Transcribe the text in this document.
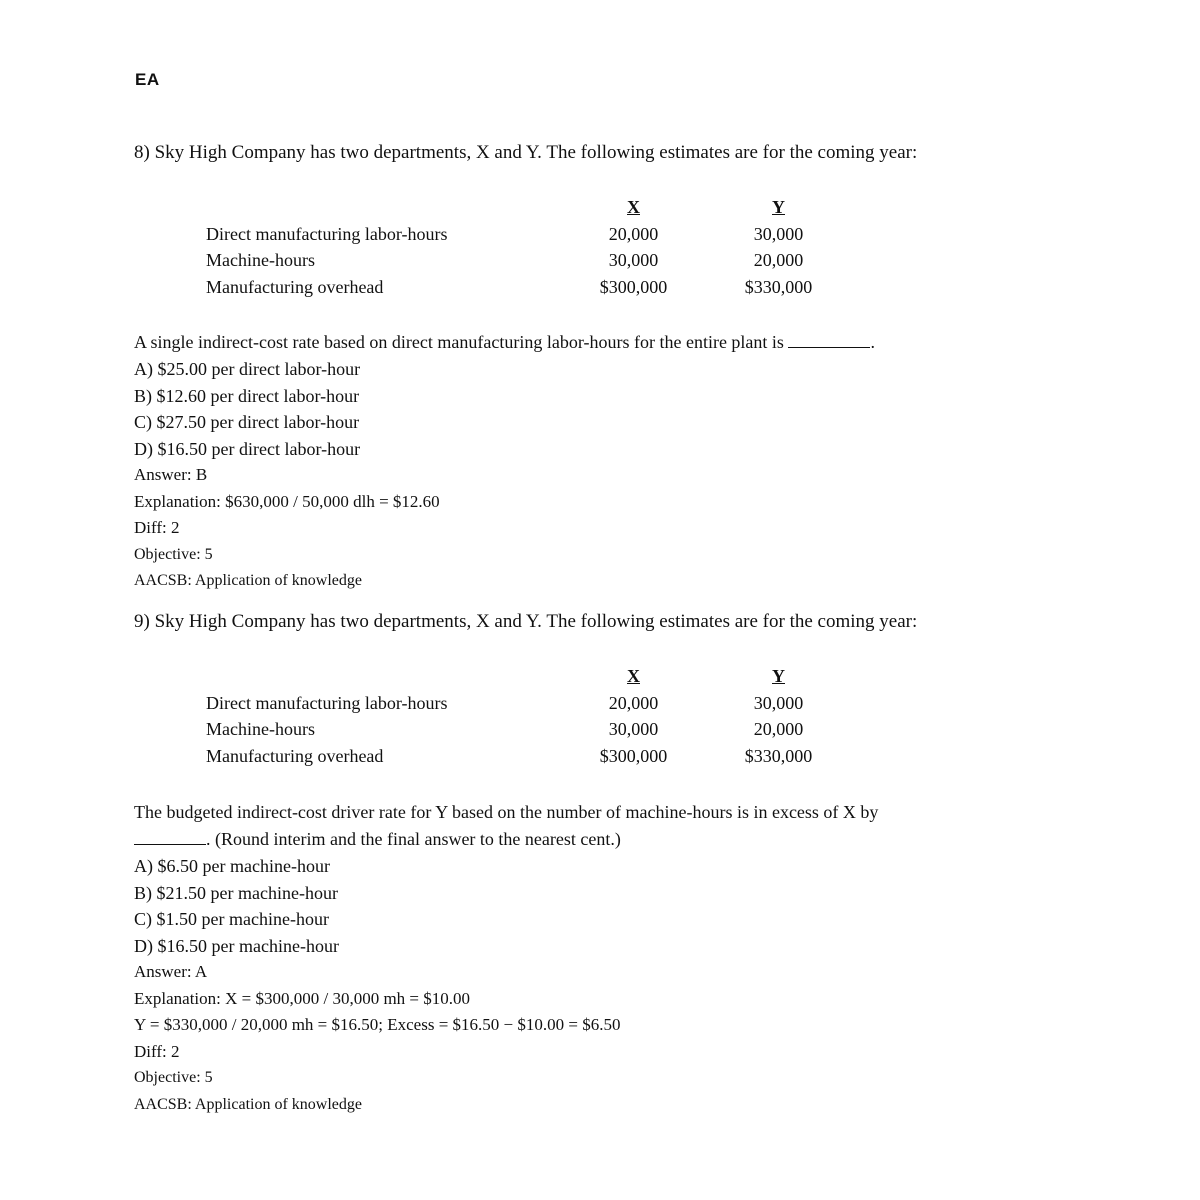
EA
8) Sky High Company has two departments, X and Y. The following estimates are for the coming year:
	X	Y
Direct manufacturing labor-hours	20,000	30,000
Machine-hours	30,000	20,000
Manufacturing overhead	$300,000	$330,000
A single indirect-cost rate based on direct manufacturing labor-hours for the entire plant is	.
A) $25.00 per direct labor-hour
B) $12.60 per direct labor-hour
C) $27.50 per direct labor-hour
D) $16.50 per direct labor-hour
Answer: B
Explanation: $630,000 / 50,000 dlh = $12.60
Diff: 2
Objective: 5
AACSB: Application of knowledge
9) Sky High Company has two departments, X and Y. The following estimates are for the coming year:
	X	Y
Direct manufacturing labor-hours	20,000	30,000
Machine-hours	30,000	20,000
Manufacturing overhead	$300,000	$330,000
The budgeted indirect-cost driver rate for Y based on the number of machine-hours is in excess of X by
. (Round interim and the final answer to the nearest cent.)
A) $6.50 per machine-hour
B) $21.50 per machine-hour
C) $1.50 per machine-hour
D) $16.50 per machine-hour
Answer: A
Explanation: X = $300,000 / 30,000 mh = $10.00
Y = $330,000 / 20,000 mh = $16.50; Excess = $16.50 − $10.00 = $6.50
Diff: 2
Objective: 5
AACSB: Application of knowledge
